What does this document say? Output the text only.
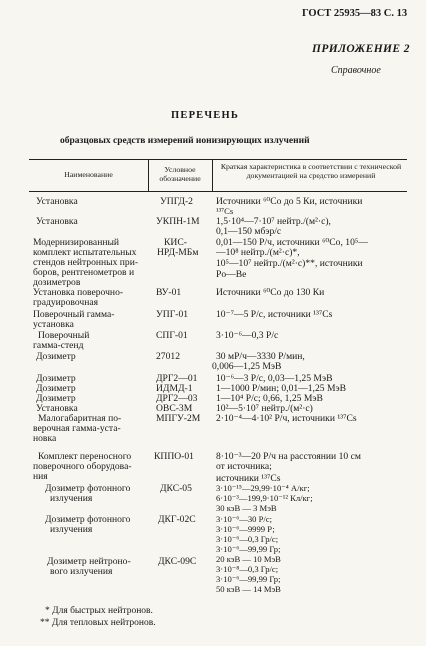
ГОСТ 25935—83 С. 13
ПРИЛОЖЕНИЕ 2
Справочное
ПЕРЕЧЕНЬ
образцовых средств измерений ионизирующих излучений
Наименование
Условное обозначение
Краткая характеристика в соответствии с технической документацией на средство измерений
Установка
Установка
Модернизированный
комплект испытательных
стендов нейтронных при-
боров, рентгенометров и
дозиметров
Установка поверочно-
градуировочная
Поверочный гамма-
установка
Поверочный
гамма-стенд
Дозиметр
Дозиметр
Дозиметр
Дозиметр
Установка
Малогабаритная по-
верочная гамма-уста-
новка
Комплект переносного
поверочного оборудова-
ния
Дозиметр фотонного
излучения
Дозиметр фотонного
излучения
Дозиметр нейтроно-
вого излучения
УПГД-2
УКПН-1М
КИС-
НРД-МБм
ВУ-01
УПГ-01
СПГ-01
27012
ДРГ2—01
ИДМД-1
ДРГ2—03
ОВС-3М
МПГУ-2М
КППО-01
ДКС-05
ДКГ-02С
ДКС-09С
Источники ⁶⁰Co до 5 Ки, источники
¹³⁷Cs
1,5·10⁴—7·10⁷ нейтр./(м²·с),
0,1—150 мбэр/с
0,01—150 Р/ч, источники ⁶⁰Co, 10⁵—
—10⁸ нейтр./(м²·с)*,
10⁵—10⁷ нейтр./(м²·с)**, источники
Po—Be
Источники ⁶⁰Co до 130 Ки
10⁻⁷—5 Р/с, источники ¹³⁷Cs
3·10⁻⁶—0,3 Р/с
30 мР/ч—3330 Р/мин,
0,006—1,25 МэВ
10⁻⁶—3 Р/с, 0,03—1,25 МэВ
1—1000 Р/мин; 0,01—1,25 МэВ
1—10⁴ Р/с; 0,66, 1,25 МэВ
10²—5·10⁷ нейтр./(м²·с)
2·10⁻⁴—4·10² Р/ч, источники ¹³⁷Cs
8·10⁻³—20 Р/ч на расстоянии 10 см
от источника;
источники ¹³⁷Cs
3·10⁻¹⁵—29,99·10⁻⁴ А/кг;
6·10⁻³—199,9·10⁻¹² Кл/кг;
30 кэВ — 3 МэВ
3·10⁻⁶—30 Р/с;
3·10⁻⁶—9999 Р;
3·10⁻⁶—0,3 Гр/с;
3·10⁻⁶—99,99 Гр;
20 кэВ — 10 МэВ
3·10⁻⁸—0,3 Гр/с;
3·10⁻⁶—99,99 Гр;
50 кэВ — 14 МэВ
* Для быстрых нейтронов.
** Для тепловых нейтронов.
